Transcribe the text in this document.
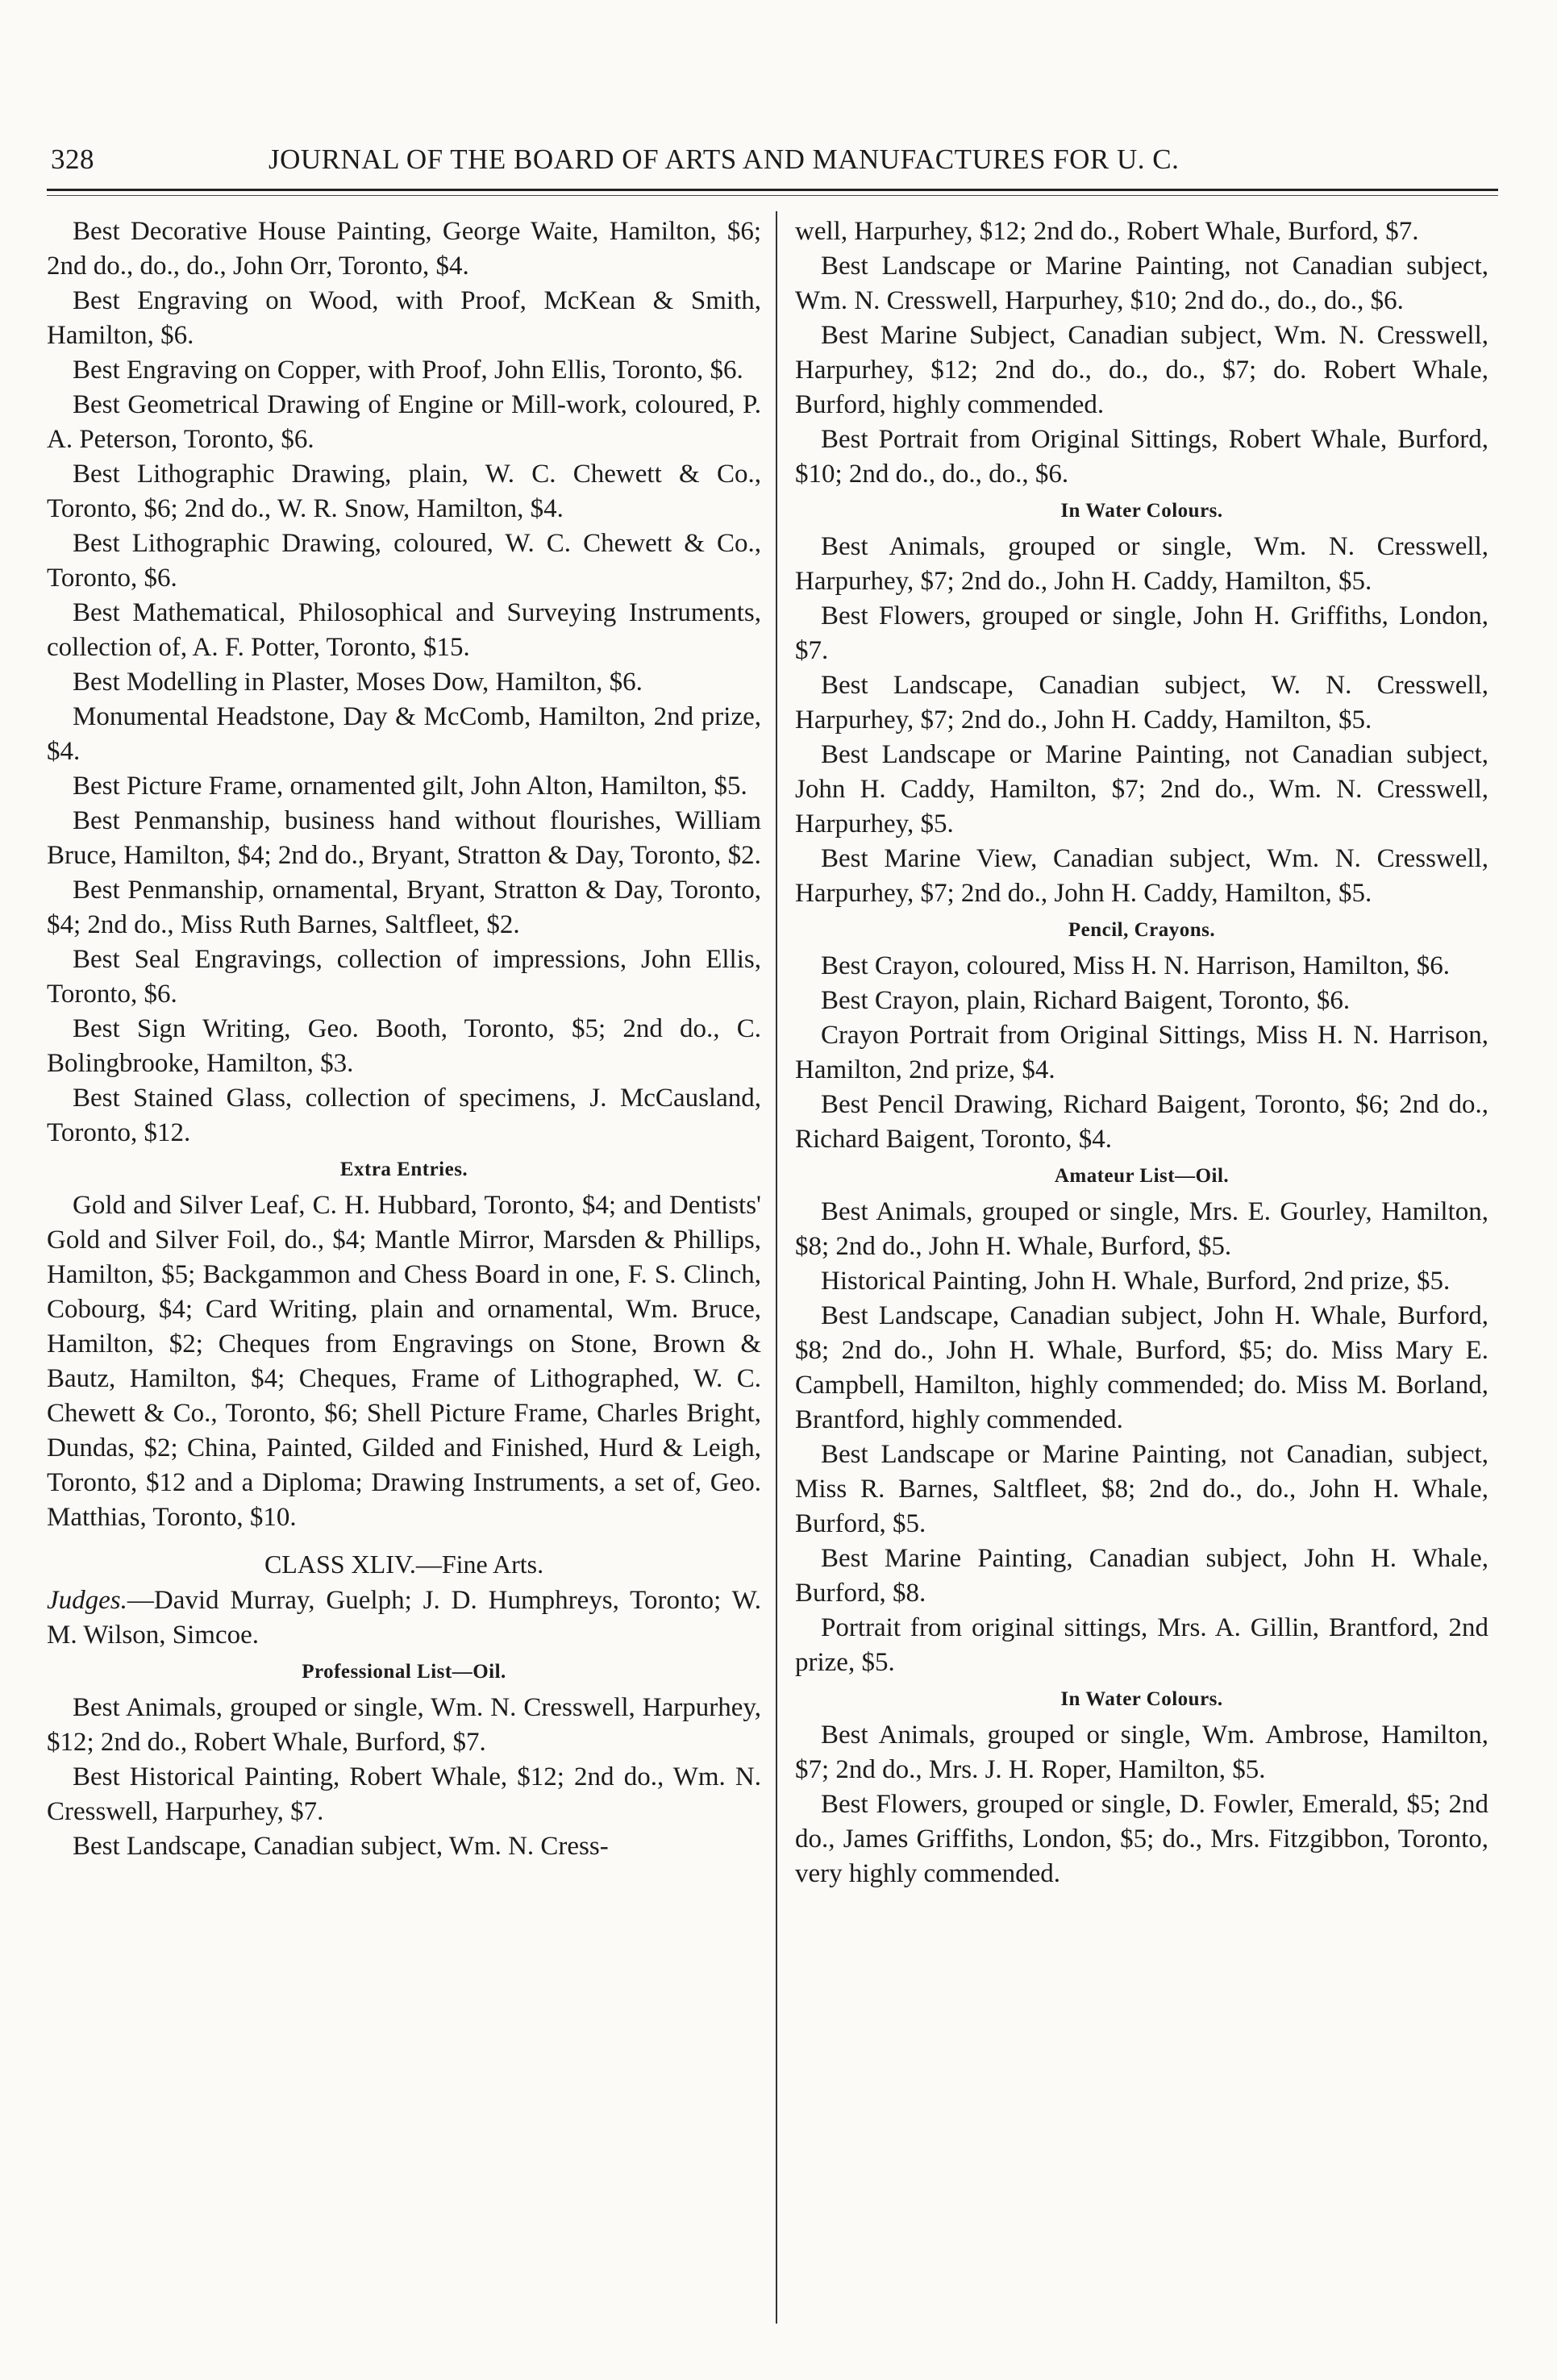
328	JOURNAL OF THE BOARD OF ARTS AND MANUFACTURES FOR U. C.

Best Decorative House Painting, George Waite, Hamilton, $6; 2nd do., do., do., John Orr, Toronto, $4.

Best Engraving on Wood, with Proof, McKean & Smith, Hamilton, $6.

Best Engraving on Copper, with Proof, John Ellis, Toronto, $6.

Best Geometrical Drawing of Engine or Mill-work, coloured, P. A. Peterson, Toronto, $6.

Best Lithographic Drawing, plain, W. C. Chewett & Co., Toronto, $6; 2nd do., W. R. Snow, Hamilton, $4.

Best Lithographic Drawing, coloured, W. C. Chewett & Co., Toronto, $6.

Best Mathematical, Philosophical and Surveying Instruments, collection of, A. F. Potter, Toronto, $15.

Best Modelling in Plaster, Moses Dow, Hamilton, $6.

Monumental Headstone, Day & McComb, Hamilton, 2nd prize, $4.

Best Picture Frame, ornamented gilt, John Alton, Hamilton, $5.

Best Penmanship, business hand without flourishes, William Bruce, Hamilton, $4; 2nd do., Bryant, Stratton & Day, Toronto, $2.

Best Penmanship, ornamental, Bryant, Stratton & Day, Toronto, $4; 2nd do., Miss Ruth Barnes, Saltfleet, $2.

Best Seal Engravings, collection of impressions, John Ellis, Toronto, $6.

Best Sign Writing, Geo. Booth, Toronto, $5; 2nd do., C. Bolingbrooke, Hamilton, $3.

Best Stained Glass, collection of specimens, J. McCausland, Toronto, $12.

Extra Entries.

Gold and Silver Leaf, C. H. Hubbard, Toronto, $4; and Dentists' Gold and Silver Foil, do., $4; Mantle Mirror, Marsden & Phillips, Hamilton, $5; Backgammon and Chess Board in one, F. S. Clinch, Cobourg, $4; Card Writing, plain and ornamental, Wm. Bruce, Hamilton, $2; Cheques from Engravings on Stone, Brown & Bautz, Hamilton, $4; Cheques, Frame of Lithographed, W. C. Chewett & Co., Toronto, $6; Shell Picture Frame, Charles Bright, Dundas, $2; China, Painted, Gilded and Finished, Hurd & Leigh, Toronto, $12 and a Diploma; Drawing Instruments, a set of, Geo. Matthias, Toronto, $10.

CLASS XLIV.—Fine Arts.

Judges.—David Murray, Guelph; J. D. Humphreys, Toronto; W. M. Wilson, Simcoe.

Professional List—Oil.

Best Animals, grouped or single, Wm. N. Cresswell, Harpurhey, $12; 2nd do., Robert Whale, Burford, $7.

Best Historical Painting, Robert Whale, $12; 2nd do., Wm. N. Cresswell, Harpurhey, $7.

Best Landscape, Canadian subject, Wm. N. Cress-

well, Harpurhey, $12; 2nd do., Robert Whale, Burford, $7.

Best Landscape or Marine Painting, not Canadian subject, Wm. N. Cresswell, Harpurhey, $10; 2nd do., do., do., $6.

Best Marine Subject, Canadian subject, Wm. N. Cresswell, Harpurhey, $12; 2nd do., do., do., $7; do. Robert Whale, Burford, highly commended.

Best Portrait from Original Sittings, Robert Whale, Burford, $10; 2nd do., do., do., $6.

In Water Colours.

Best Animals, grouped or single, Wm. N. Cresswell, Harpurhey, $7; 2nd do., John H. Caddy, Hamilton, $5.

Best Flowers, grouped or single, John H. Griffiths, London, $7.

Best Landscape, Canadian subject, W. N. Cresswell, Harpurhey, $7; 2nd do., John H. Caddy, Hamilton, $5.

Best Landscape or Marine Painting, not Canadian subject, John H. Caddy, Hamilton, $7; 2nd do., Wm. N. Cresswell, Harpurhey, $5.

Best Marine View, Canadian subject, Wm. N. Cresswell, Harpurhey, $7; 2nd do., John H. Caddy, Hamilton, $5.

Pencil, Crayons.

Best Crayon, coloured, Miss H. N. Harrison, Hamilton, $6.

Best Crayon, plain, Richard Baigent, Toronto, $6.

Crayon Portrait from Original Sittings, Miss H. N. Harrison, Hamilton, 2nd prize, $4.

Best Pencil Drawing, Richard Baigent, Toronto, $6; 2nd do., Richard Baigent, Toronto, $4.

Amateur List—Oil.

Best Animals, grouped or single, Mrs. E. Gourley, Hamilton, $8; 2nd do., John H. Whale, Burford, $5.

Historical Painting, John H. Whale, Burford, 2nd prize, $5.

Best Landscape, Canadian subject, John H. Whale, Burford, $8; 2nd do., John H. Whale, Burford, $5; do. Miss Mary E. Campbell, Hamilton, highly commended; do. Miss M. Borland, Brantford, highly commended.

Best Landscape or Marine Painting, not Canadian, subject, Miss R. Barnes, Saltfleet, $8; 2nd do., do., John H. Whale, Burford, $5.

Best Marine Painting, Canadian subject, John H. Whale, Burford, $8.

Portrait from original sittings, Mrs. A. Gillin, Brantford, 2nd prize, $5.

In Water Colours.

Best Animals, grouped or single, Wm. Ambrose, Hamilton, $7; 2nd do., Mrs. J. H. Roper, Hamilton, $5.

Best Flowers, grouped or single, D. Fowler, Emerald, $5; 2nd do., James Griffiths, London, $5; do., Mrs. Fitzgibbon, Toronto, very highly commended.
